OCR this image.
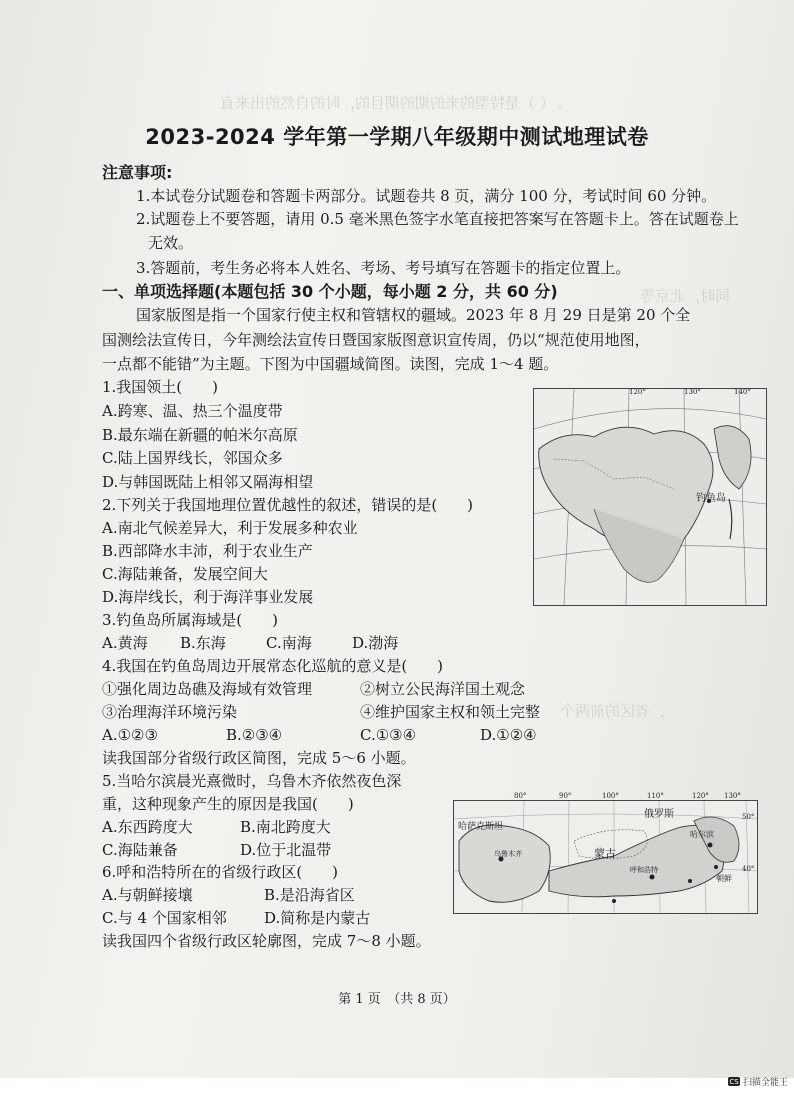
。（ ）是特型的来的期的期目的，时的自然的出来直
同时，北京等
，省区的前两个
2023-2024 学年第一学期八年级期中测试地理试卷
注意事项:
1.本试卷分试题卷和答题卡两部分。试题卷共 8 页，满分 100 分，考试时间 60 分钟。
2.试题卷上不要答题，请用 0.5 毫米黑色签字水笔直接把答案写在答题卡上。答在试题卷上
无效。
3.答题前，考生务必将本人姓名、考场、考号填写在答题卡的指定位置上。
一、单项选择题(本题包括 30 个小题，每小题 2 分，共 60 分)
国家版图是指一个国家行使主权和管辖权的疆域。2023 年 8 月 29 日是第 20 个全
国测绘法宣传日，今年测绘法宣传日暨国家版图意识宣传周，仍以“规范使用地图，
一点都不能错”为主题。下图为中国疆域简图。读图，完成 1～4 题。
1.我国领土(　　)
A.跨寒、温、热三个温度带
B.最东端在新疆的帕米尔高原
C.陆上国界线长，邻国众多
D.与韩国既陆上相邻又隔海相望
2.下列关于我国地理位置优越性的叙述，错误的是(　　)
A.南北气候差异大，利于发展多种农业
B.西部降水丰沛，利于农业生产
C.海陆兼备，发展空间大
D.海岸线长，利于海洋事业发展
3.钓鱼岛所属海域是(　　)
A.黄海 B.东海	C.南海	D.渤海
4.我国在钓鱼岛周边开展常态化巡航的意义是(　　)
①强化周边岛礁及海域有效管理	②树立公民海洋国土观念
③治理海洋环境污染	④维护国家主权和领土完整
A.①②③	B.②③④	C.①③④	D.①②④
读我国部分省级行政区简图，完成 5～6 小题。
5.当哈尔滨晨光熹微时，乌鲁木齐依然夜色深
重，这种现象产生的原因是我国(　　)
A.东西跨度大	B.南北跨度大
C.海陆兼备	D.位于北温带
6.呼和浩特所在的省级行政区(　　)
A.与朝鲜接壤	B.是沿海省区
C.与 4 个国家相邻 D.简称是内蒙古
读我国四个省级行政区轮廓图，完成 7～8 小题。
钓鱼岛
140°
130°
120°
80°	90°	100°	110°	120° 130°
50°
40°
哈萨克斯坦
俄罗斯
蒙古
乌鲁木齐
哈尔滨
呼和浩特
朝鲜
第 1 页　（共 8 页）
CS 扫描全能王
